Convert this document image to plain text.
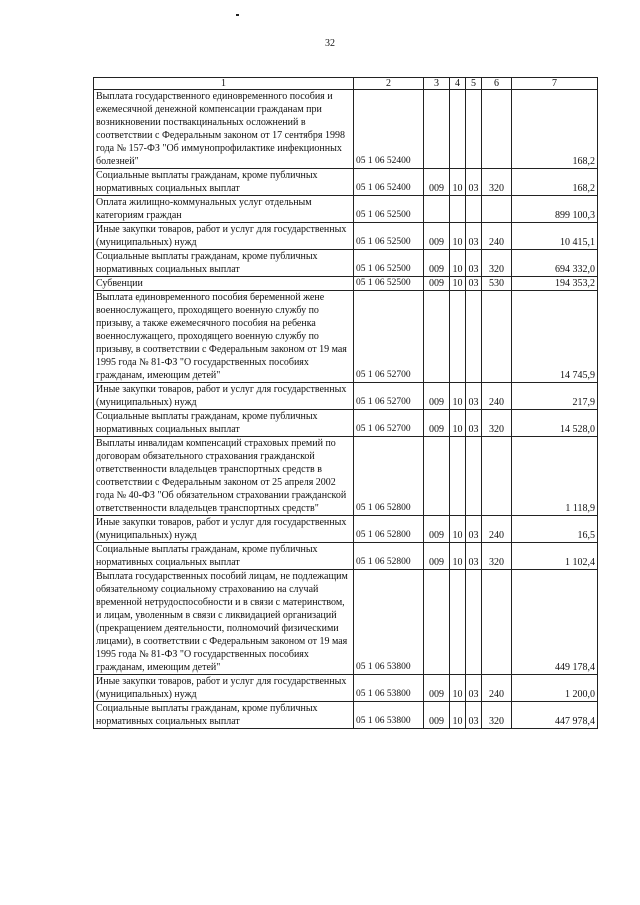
32
1	2	3	4	5	6	7
Выплата государственного единовременного пособия и ежемесячной денежной компенсации гражданам при возникновении поствакцинальных осложнений в соответствии с Федеральным законом от 17 сентября 1998 года № 157-ФЗ "Об иммунопрофилактике инфекционных болезней"	05 1 06 52400					168,2
Социальные выплаты гражданам, кроме публичных нормативных социальных выплат	05 1 06 52400	009	10	03	320	168,2
Оплата жилищно-коммунальных услуг отдельным категориям граждан	05 1 06 52500					899 100,3
Иные закупки товаров, работ и услуг для государственных (муниципальных) нужд	05 1 06 52500	009	10	03	240	10 415,1
Социальные выплаты гражданам, кроме публичных нормативных социальных выплат	05 1 06 52500	009	10	03	320	694 332,0
Субвенции	05 1 06 52500	009	10	03	530	194 353,2
Выплата единовременного пособия беременной жене военнослужащего, проходящего военную службу по призыву, а также ежемесячного пособия на ребенка военнослужащего, проходящего военную службу по призыву, в соответствии с Федеральным законом от 19 мая 1995 года № 81-ФЗ "О государственных пособиях гражданам, имеющим детей"	05 1 06 52700					14 745,9
Иные закупки товаров, работ и услуг для государственных (муниципальных) нужд	05 1 06 52700	009	10	03	240	217,9
Социальные выплаты гражданам, кроме публичных нормативных социальных выплат	05 1 06 52700	009	10	03	320	14 528,0
Выплаты инвалидам компенсаций страховых премий по договорам обязательного страхования гражданской ответственности владельцев транспортных средств в соответствии с Федеральным законом от 25 апреля 2002 года № 40-ФЗ "Об обязательном страховании гражданской ответственности владельцев транспортных средств"	05 1 06 52800					1 118,9
Иные закупки товаров, работ и услуг для государственных (муниципальных) нужд	05 1 06 52800	009	10	03	240	16,5
Социальные выплаты гражданам, кроме публичных нормативных социальных выплат	05 1 06 52800	009	10	03	320	1 102,4
Выплата государственных пособий лицам, не подлежащим обязательному социальному страхованию на случай временной нетрудоспособности и в связи с материнством, и лицам, уволенным в связи с ликвидацией организаций (прекращением деятельности, полномочий физическими лицами), в соответствии с Федеральным законом от 19 мая 1995 года № 81-ФЗ "О государственных пособиях гражданам, имеющим детей"	05 1 06 53800					449 178,4
Иные закупки товаров, работ и услуг для государственных (муниципальных) нужд	05 1 06 53800	009	10	03	240	1 200,0
Социальные выплаты гражданам, кроме публичных нормативных социальных выплат	05 1 06 53800	009	10	03	320	447 978,4
